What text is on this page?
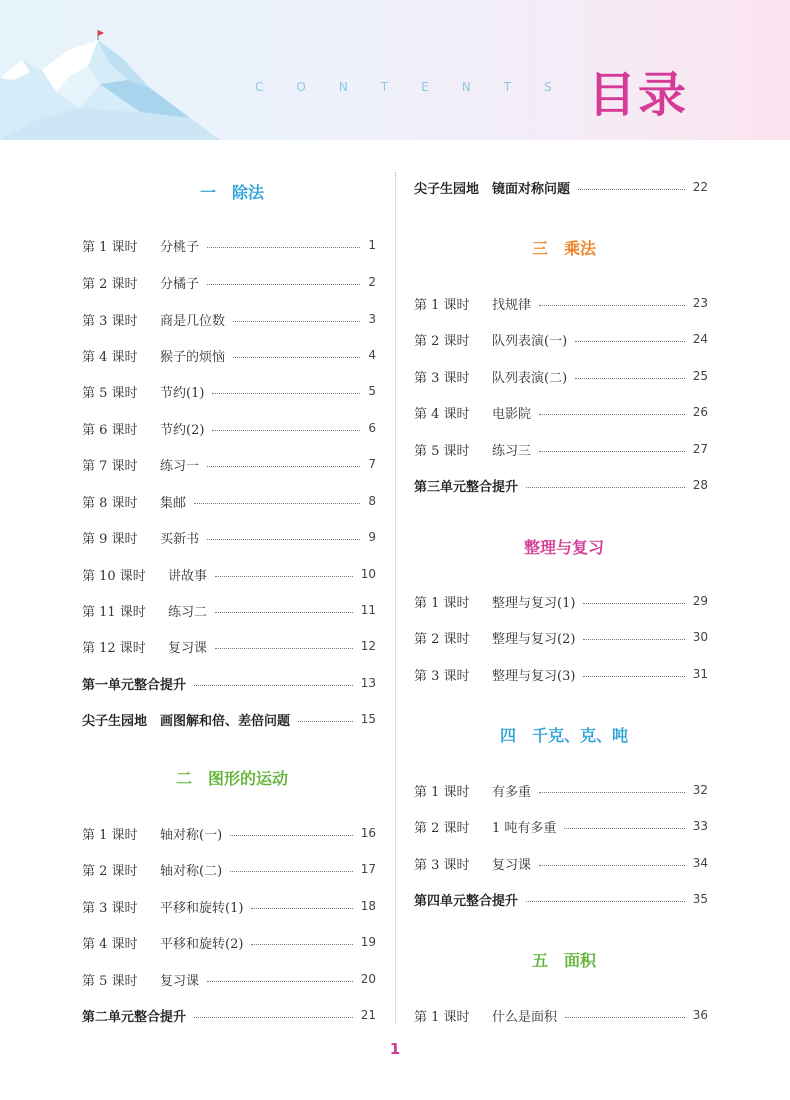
CONTENTS 目录
一　除法
第 1 课时 分桃子	1
第 2 课时 分橘子	2
第 3 课时 商是几位数	3
第 4 课时 猴子的烦恼	4
第 5 课时 节约(1)	5
第 6 课时 节约(2)	6
第 7 课时 练习一	7
第 8 课时 集邮	8
第 9 课时 买新书	9
第 10 课时 讲故事	10
第 11 课时 练习二	11
第 12 课时 复习课	12
第一单元整合提升	13
尖子生园地　画图解和倍、差倍问题	15
二　图形的运动
第 1 课时 轴对称(一)	16
第 2 课时 轴对称(二)	17
第 3 课时 平移和旋转(1)	18
第 4 课时 平移和旋转(2)	19
第 5 课时 复习课	20
第二单元整合提升	21
尖子生园地　镜面对称问题	22
三　乘法
第 1 课时 找规律	23
第 2 课时 队列表演(一)	24
第 3 课时 队列表演(二)	25
第 4 课时 电影院	26
第 5 课时 练习三	27
第三单元整合提升	28
整理与复习
第 1 课时 整理与复习(1)	29
第 2 课时 整理与复习(2)	30
第 3 课时 整理与复习(3)	31
四　千克、克、吨
第 1 课时 有多重	32
第 2 课时 1 吨有多重	33
第 3 课时 复习课	34
第四单元整合提升	35
五　面积
第 1 课时 什么是面积	36
1
